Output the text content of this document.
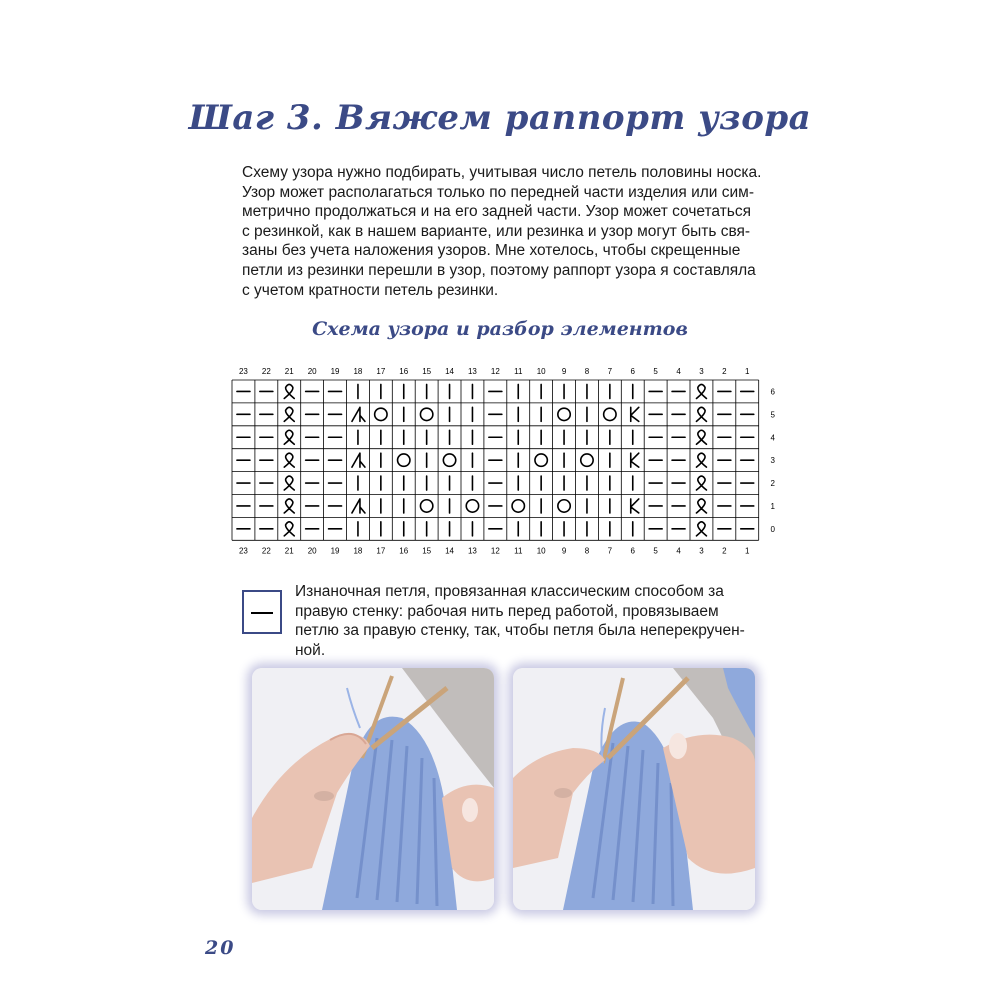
Шаг 3. Вяжем раппорт узора
Схему узора нужно подбирать, учитывая число петель половины носка.
Узор может располагаться только по передней части изделия или сим-
метрично продолжаться и на его задней части. Узор может сочетаться
с резинкой, как в нашем варианте, или резинка и узор могут быть свя-
заны без учета наложения узоров. Мне хотелось, чтобы скрещенные
петли из резинки перешли в узор, поэтому раппорт узора я составляла
с учетом кратности петель резинки.
Схема узора и разбор элементов
23
23
22
22
21
21
20
20
19
19
18
18
17
17
16
16
15
15
14
14
13
13
12
12
11
11
10
10
9
9
8
8
7
7
6
6
5
5
4
4
3
3
2
2
1
1
6
5
4
3
2
1
0
Изнаночная петля, провязанная классическим способом за
правую стенку: рабочая нить перед работой, провязываем
петлю за правую стенку, так, чтобы петля была неперекручен-
ной.
20
